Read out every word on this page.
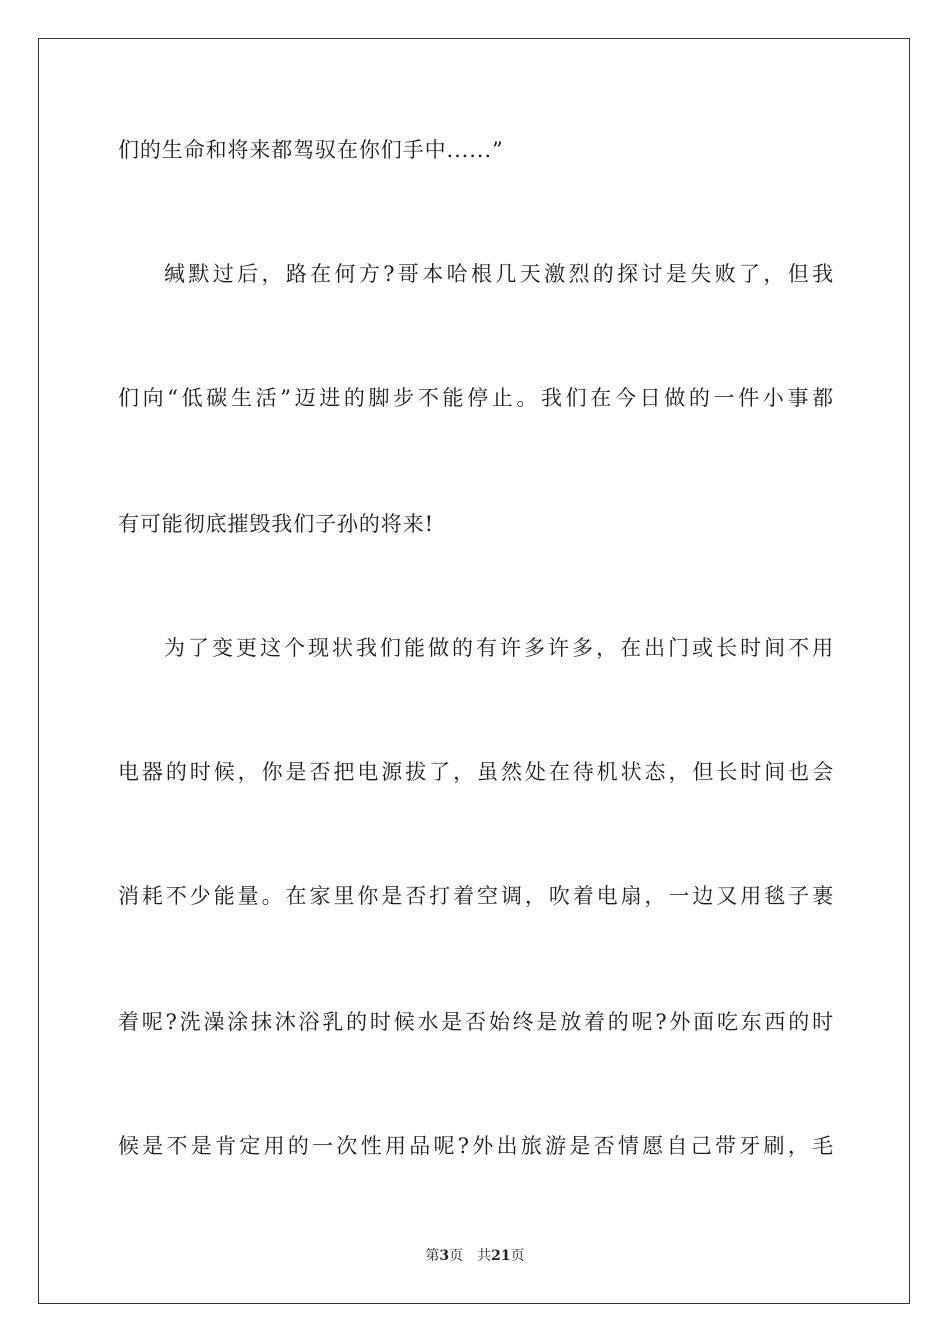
们的生命和将来都驾驭在你们手中......”
缄默过后，路在何方?哥本哈根几天激烈的探讨是失败了，但我
们向“低碳生活”迈进的脚步不能停止。我们在今日做的一件小事都
有可能彻底摧毁我们子孙的将来!
为了变更这个现状我们能做的有许多许多，在出门或长时间不用
电器的时候，你是否把电源拔了，虽然处在待机状态，但长时间也会
消耗不少能量。在家里你是否打着空调，吹着电扇，一边又用毯子裹
着呢?洗澡涂抹沐浴乳的时候水是否始终是放着的呢?外面吃东西的时
候是不是肯定用的一次性用品呢?外出旅游是否情愿自己带牙刷，毛
第3页 共21页
